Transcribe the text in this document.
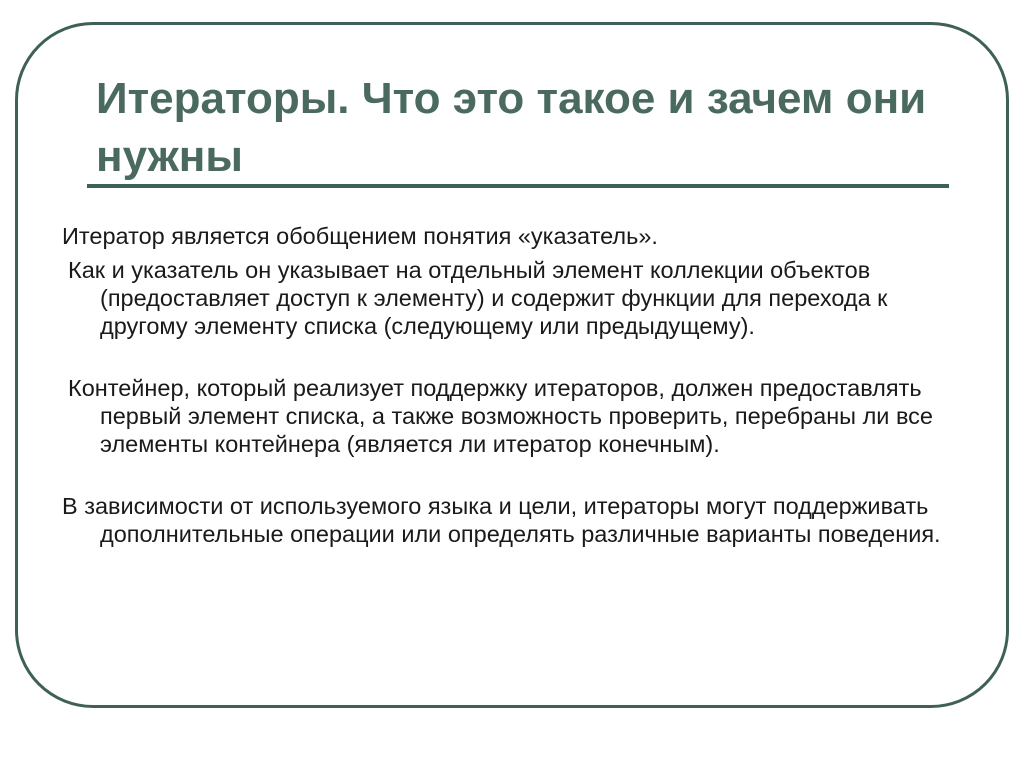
Итераторы. Что это такое и зачем они нужны

Итератор является обобщением понятия «указатель».

Как и указатель он указывает на отдельный элемент коллекции объектов (предоставляет доступ к элементу) и содержит функции для перехода к другому элементу списка (следующему или предыдущему).

Контейнер, который реализует поддержку итераторов, должен предоставлять первый элемент списка, а также возможность проверить, перебраны ли все элементы контейнера (является ли итератор конечным).

В зависимости от используемого языка и цели, итераторы могут поддерживать дополнительные операции или определять различные варианты поведения.
